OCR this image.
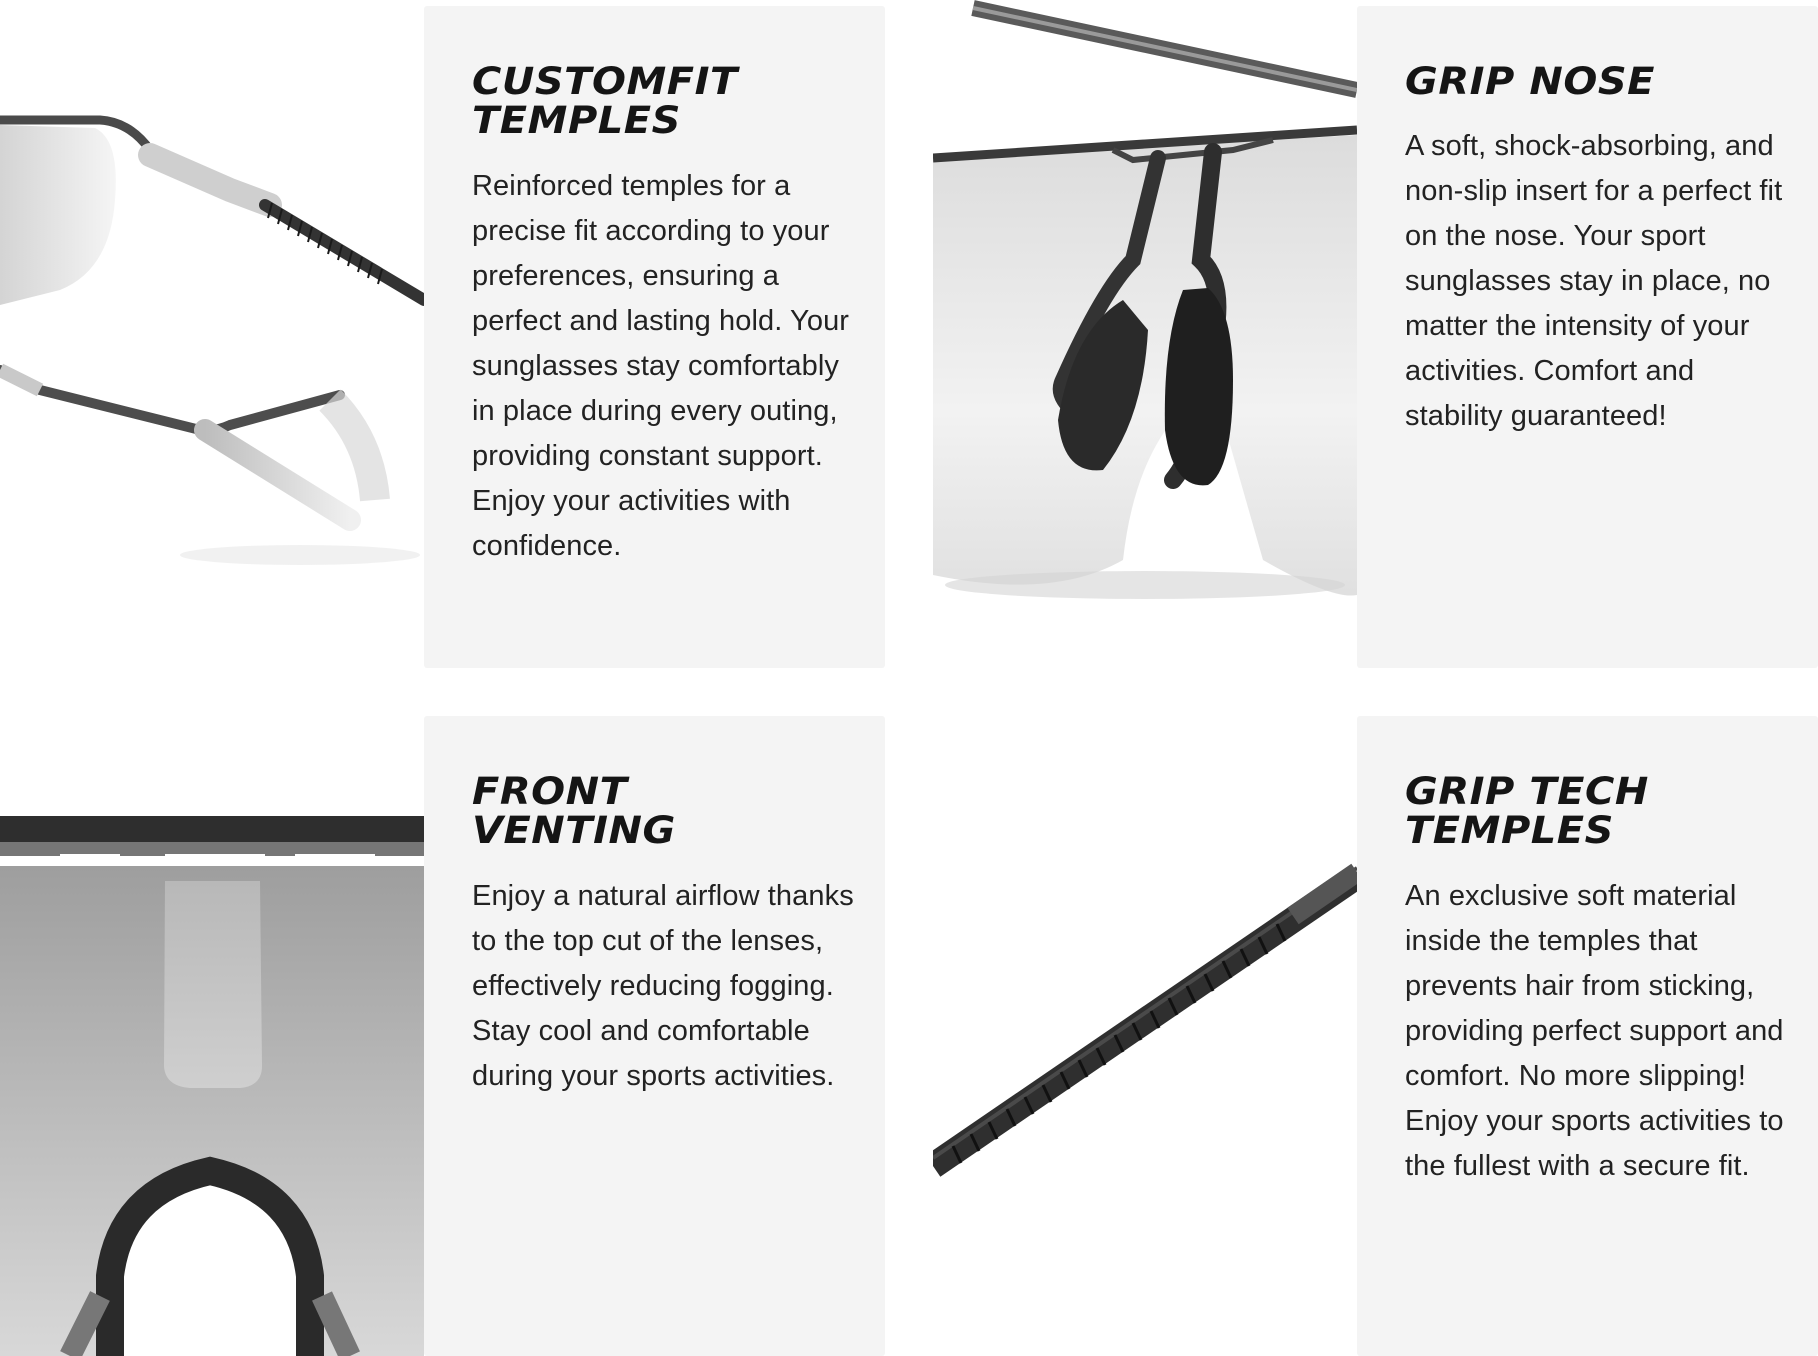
CUSTOMFIT
TEMPLES
Reinforced temples for a precise fit according to your preferences, ensuring a perfect and lasting hold. Your sunglasses stay comfortably in place during every outing, providing constant support. Enjoy your activities with confidence.
GRIP NOSE
A soft, shock-absorbing, and non-slip insert for a perfect fit on the nose. Your sport sunglasses stay in place, no matter the intensity of your activities. Comfort and stability guaranteed!
FRONT
VENTING
Enjoy a natural airflow thanks to the top cut of the lenses, effectively reducing fogging. Stay cool and comfortable during your sports activities.
GRIP TECH
TEMPLES
An exclusive soft material inside the temples that prevents hair from sticking, providing perfect support and comfort. No more slipping! Enjoy your sports activities to the fullest with a secure fit.
